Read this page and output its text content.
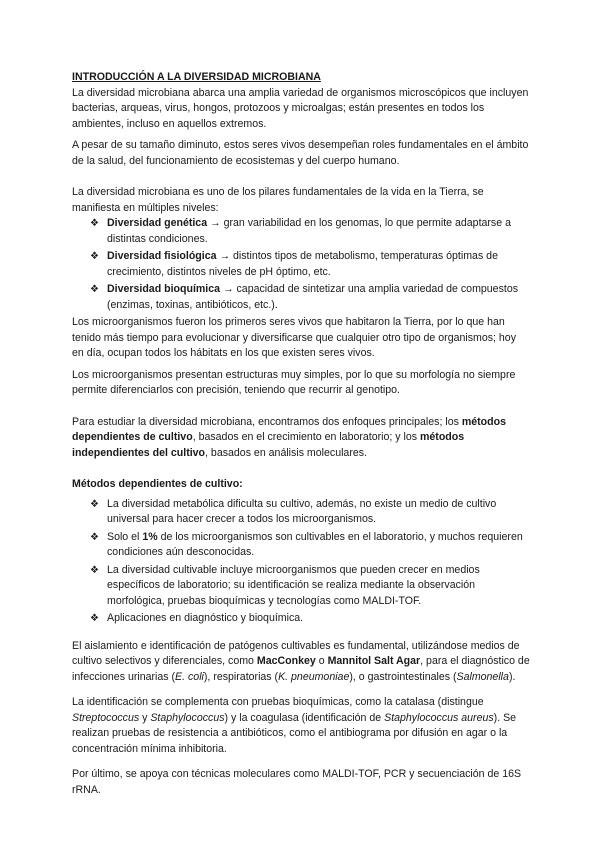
INTRODUCCIÓN A LA DIVERSIDAD MICROBIANA

La diversidad microbiana abarca una amplia variedad de organismos microscópicos que incluyen bacterias, arqueas, virus, hongos, protozoos y microalgas; están presentes en todos los ambientes, incluso en aquellos extremos.

A pesar de su tamaño diminuto, estos seres vivos desempeñan roles fundamentales en el ámbito de la salud, del funcionamiento de ecosistemas y del cuerpo humano.

La diversidad microbiana es uno de los pilares fundamentales de la vida en la Tierra, se manifiesta en múltiples niveles:

❖ Diversidad genética → gran variabilidad en los genomas, lo que permite adaptarse a distintas condiciones.
❖ Diversidad fisiológica → distintos tipos de metabolismo, temperaturas óptimas de crecimiento, distintos niveles de pH óptimo, etc.
❖ Diversidad bioquímica → capacidad de sintetizar una amplia variedad de compuestos (enzimas, toxinas, antibióticos, etc.).

Los microorganismos fueron los primeros seres vivos que habitaron la Tierra, por lo que han tenido más tiempo para evolucionar y diversificarse que cualquier otro tipo de organismos; hoy en día, ocupan todos los hábitats en los que existen seres vivos.

Los microorganismos presentan estructuras muy simples, por lo que su morfología no siempre permite diferenciarlos con precisión, teniendo que recurrir al genotipo.

Para estudiar la diversidad microbiana, encontramos dos enfoques principales; los métodos dependientes de cultivo, basados en el crecimiento en laboratorio; y los métodos independientes del cultivo, basados en análisis moleculares.

Métodos dependientes de cultivo:

❖ La diversidad metabólica dificulta su cultivo, además, no existe un medio de cultivo universal para hacer crecer a todos los microorganismos.
❖ Solo el 1% de los microorganismos son cultivables en el laboratorio, y muchos requieren condiciones aún desconocidas.
❖ La diversidad cultivable incluye microorganismos que pueden crecer en medios específicos de laboratorio; su identificación se realiza mediante la observación morfológica, pruebas bioquímicas y tecnologías como MALDI-TOF.
❖ Aplicaciones en diagnóstico y bioquímica.

El aislamiento e identificación de patógenos cultivables es fundamental, utilizándose medios de cultivo selectivos y diferenciales, como MacConkey o Mannitol Salt Agar, para el diagnóstico de infecciones urinarias (E. coli), respiratorias (K. pneumoniae), o gastrointestinales (Salmonella).

La identificación se complementa con pruebas bioquímicas, como la catalasa (distingue Streptococcus y Staphylococcus) y la coagulasa (identificación de Staphylococcus aureus). Se realizan pruebas de resistencia a antibióticos, como el antibiograma por difusión en agar o la concentración mínima inhibitoria.

Por último, se apoya con técnicas moleculares como MALDI-TOF, PCR y secuenciación de 16S rRNA.
